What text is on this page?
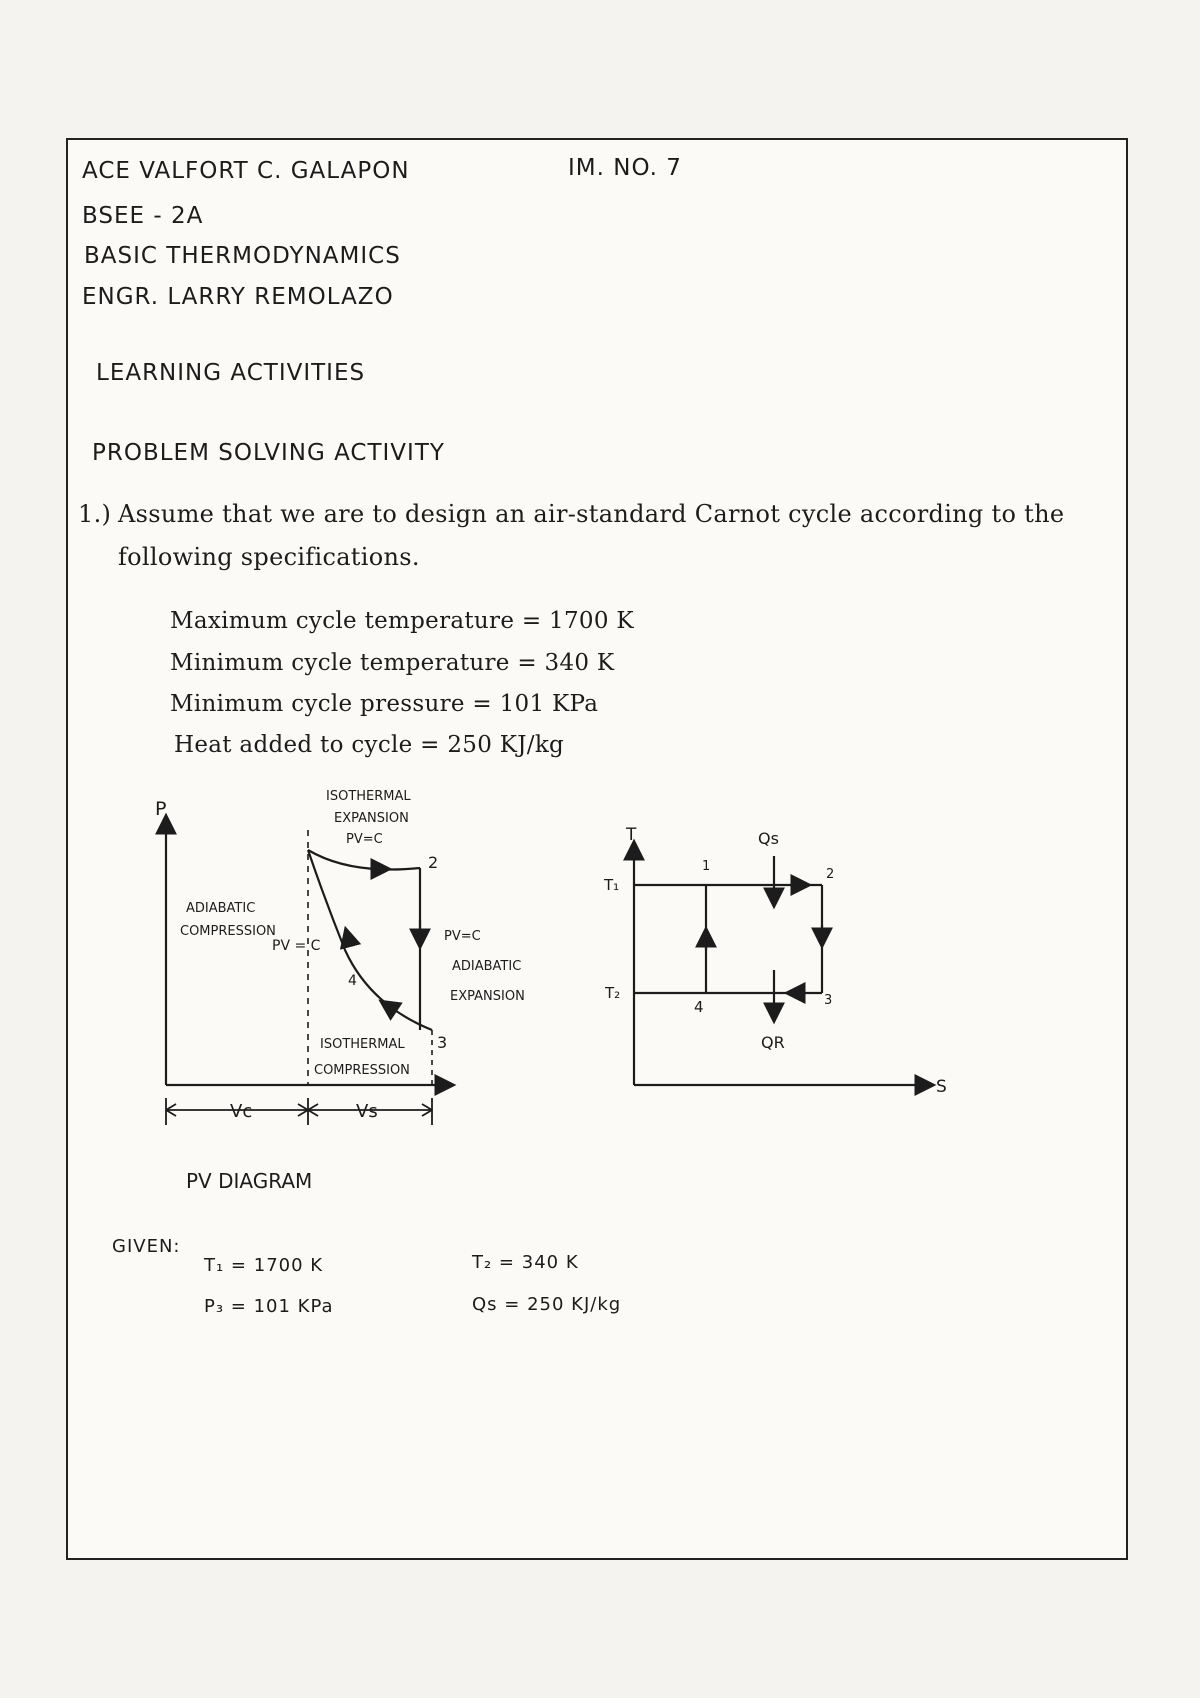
ACE VALFORT C. GALAPON	IM. NO. 7
BSEE - 2A
BASIC THERMODYNAMICS
ENGR. LARRY REMOLAZO
LEARNING ACTIVITIES
PROBLEM SOLVING ACTIVITY
1.) Assume that we are to design an air-standard Carnot cycle according to the
following specifications.
Maximum cycle temperature = 1700 K
Minimum cycle temperature = 340 K
Minimum cycle pressure = 101 KPa
Heat added to cycle = 250 KJ/kg
P
ISOTHERMAL
EXPANSION
PV=C
ADIABATIC
COMPRESSION
PV = C
PV=C
ADIABATIC
EXPANSION
ISOTHERMAL
COMPRESSION
2
3
4
Vc	Vs
PV DIAGRAM
T
S
T₁
T₂
Qs
QR
1
2
3
4
GIVEN:
T₁ = 1700 K
P₃ = 101 KPa
T₂ = 340 K
Qs = 250 KJ/kg
